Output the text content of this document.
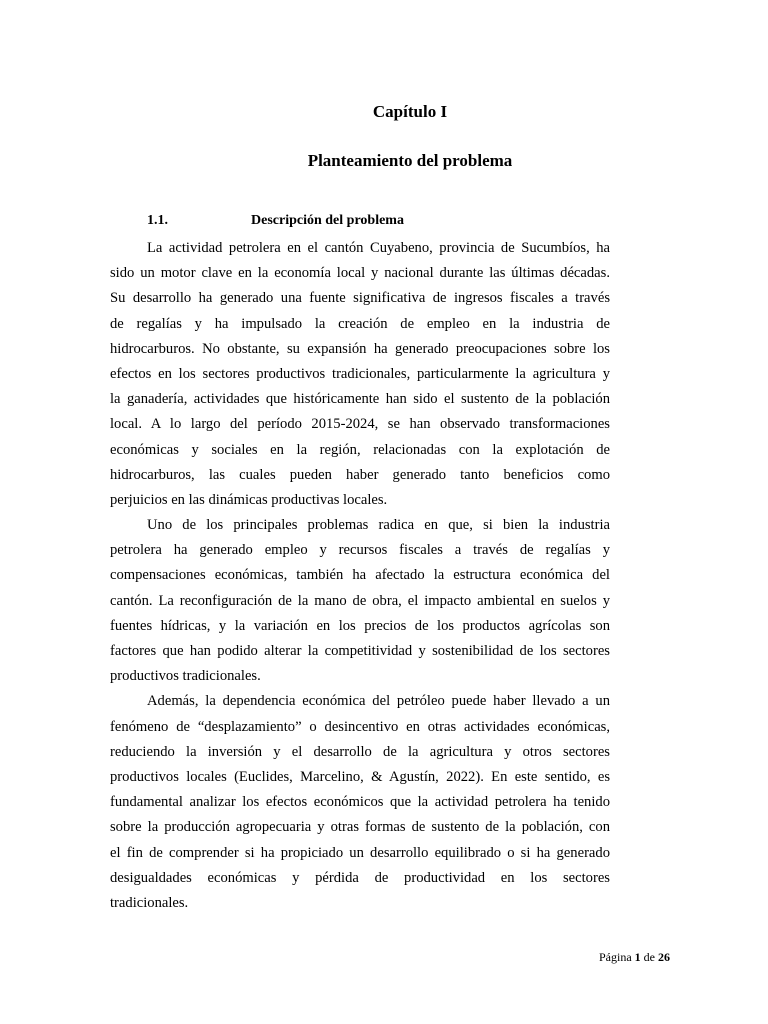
Capítulo I
Planteamiento del problema
1.1.	Descripción del problema
La actividad petrolera en el cantón Cuyabeno, provincia de Sucumbíos, ha
sido un motor clave en la economía local y nacional durante las últimas décadas.
Su desarrollo ha generado una fuente significativa de ingresos fiscales a través
de regalías y ha impulsado la creación de empleo en la industria de
hidrocarburos. No obstante, su expansión ha generado preocupaciones sobre los
efectos en los sectores productivos tradicionales, particularmente la agricultura y
la ganadería, actividades que históricamente han sido el sustento de la población
local. A lo largo del período 2015-2024, se han observado transformaciones
económicas y sociales en la región, relacionadas con la explotación de
hidrocarburos, las cuales pueden haber generado tanto beneficios como
perjuicios en las dinámicas productivas locales.
Uno de los principales problemas radica en que, si bien la industria
petrolera ha generado empleo y recursos fiscales a través de regalías y
compensaciones económicas, también ha afectado la estructura económica del
cantón. La reconfiguración de la mano de obra, el impacto ambiental en suelos y
fuentes hídricas, y la variación en los precios de los productos agrícolas son
factores que han podido alterar la competitividad y sostenibilidad de los sectores
productivos tradicionales.
Además, la dependencia económica del petróleo puede haber llevado a un
fenómeno de “desplazamiento” o desincentivo en otras actividades económicas,
reduciendo la inversión y el desarrollo de la agricultura y otros sectores
productivos locales (Euclides, Marcelino, & Agustín, 2022). En este sentido, es
fundamental analizar los efectos económicos que la actividad petrolera ha tenido
sobre la producción agropecuaria y otras formas de sustento de la población, con
el fin de comprender si ha propiciado un desarrollo equilibrado o si ha generado
desigualdades económicas y pérdida de productividad en los sectores
tradicionales.
Página 1 de 26
